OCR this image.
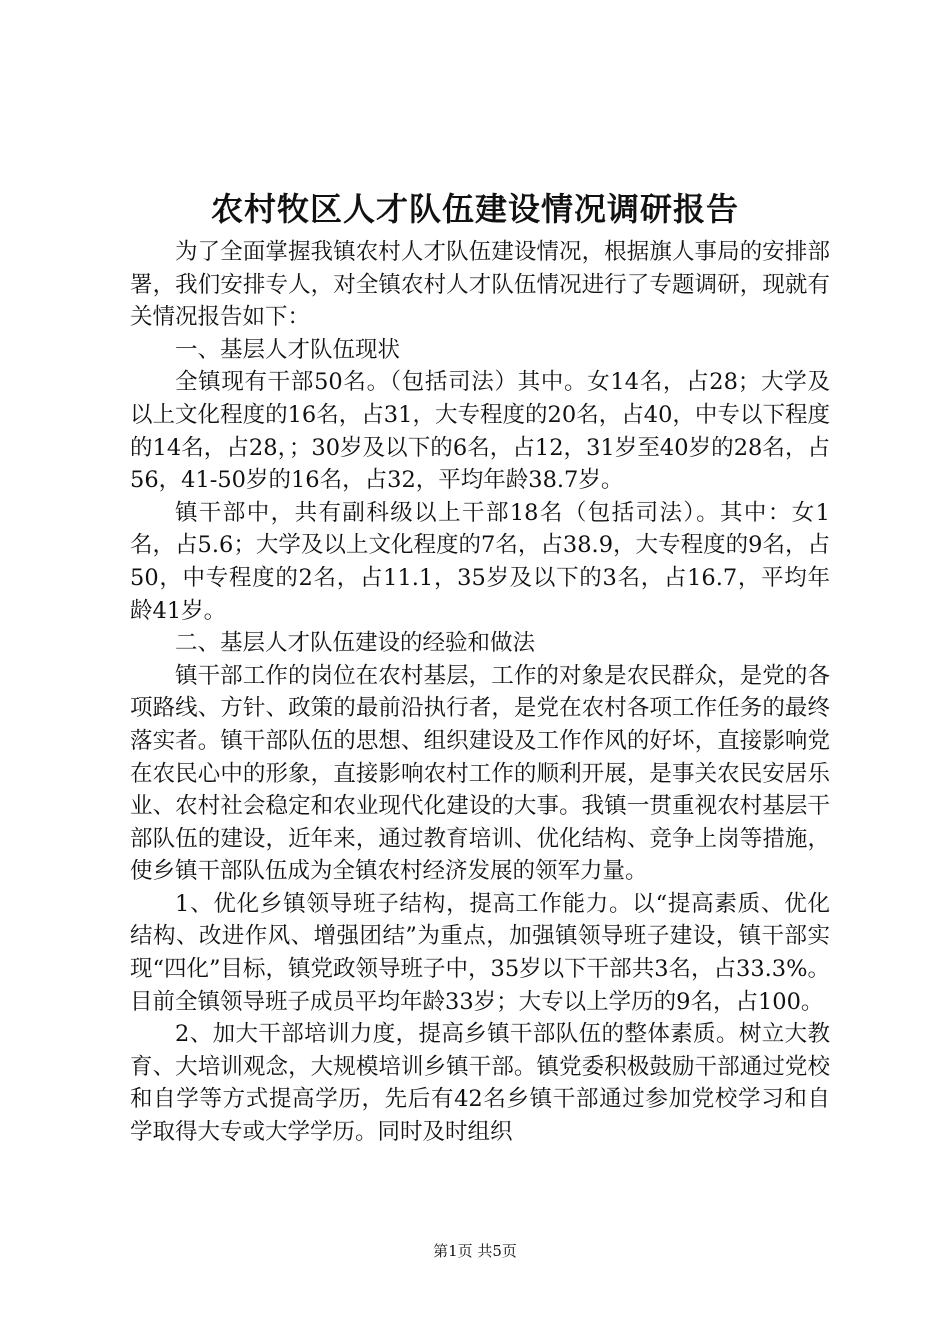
农村牧区人才队伍建设情况调研报告

为了全面掌握我镇农村人才队伍建设情况，根据旗人事局的安排部署，我们安排专人，对全镇农村人才队伍情况进行了专题调研，现就有关情况报告如下：

一、基层人才队伍现状

全镇现有干部50名。（包括司法）其中。女14名，占28；大学及以上文化程度的16名，占31，大专程度的20名，占40，中专以下程度的14名，占28，；30岁及以下的6名，占12，31岁至40岁的28名，占56，41-50岁的16名，占32，平均年龄38.7岁。

镇干部中，共有副科级以上干部18名（包括司法）。其中：女1名，占5.6；大学及以上文化程度的7名，占38.9，大专程度的9名，占50，中专程度的2名，占11.1，35岁及以下的3名，占16.7，平均年龄41岁。

二、基层人才队伍建设的经验和做法

镇干部工作的岗位在农村基层，工作的对象是农民群众，是党的各项路线、方针、政策的最前沿执行者，是党在农村各项工作任务的最终落实者。镇干部队伍的思想、组织建设及工作作风的好坏，直接影响党在农民心中的形象，直接影响农村工作的顺利开展，是事关农民安居乐业、农村社会稳定和农业现代化建设的大事。我镇一贯重视农村基层干部队伍的建设，近年来，通过教育培训、优化结构、竞争上岗等措施，使乡镇干部队伍成为全镇农村经济发展的领军力量。

1、优化乡镇领导班子结构，提高工作能力。以“提高素质、优化结构、改进作风、增强团结”为重点，加强镇领导班子建设，镇干部实现“四化”目标，镇党政领导班子中，35岁以下干部共3名，占33.3%。目前全镇领导班子成员平均年龄33岁；大专以上学历的9名，占100。

2、加大干部培训力度，提高乡镇干部队伍的整体素质。树立大教育、大培训观念，大规模培训乡镇干部。镇党委积极鼓励干部通过党校和自学等方式提高学历，先后有42名乡镇干部通过参加党校学习和自学取得大专或大学学历。同时及时组织

第1页 共5页
